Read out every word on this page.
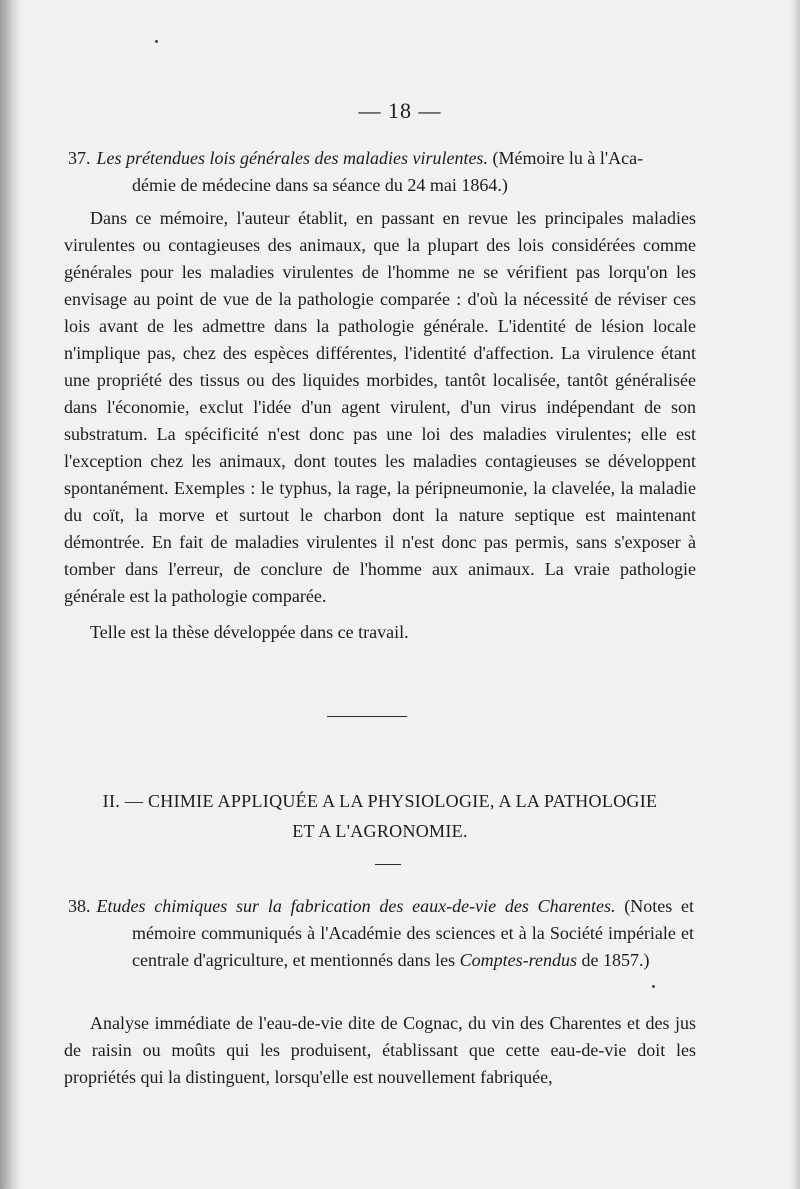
— 18 —
37. Les prétendues lois générales des maladies virulentes. (Mémoire lu à l'Aca-
démie de médecine dans sa séance du 24 mai 1864.)
Dans ce mémoire, l'auteur établit, en passant en revue les principales maladies virulentes ou contagieuses des animaux, que la plupart des lois considérées comme générales pour les maladies virulentes de l'homme ne se vérifient pas lorqu'on les envisage au point de vue de la pathologie comparée : d'où la nécessité de réviser ces lois avant de les admettre dans la pathologie générale. L'identité de lésion locale n'implique pas, chez des espèces différentes, l'identité d'affection. La virulence étant une propriété des tissus ou des liquides morbides, tantôt localisée, tantôt généralisée dans l'économie, exclut l'idée d'un agent virulent, d'un virus indépendant de son substratum. La spécificité n'est donc pas une loi des maladies virulentes; elle est l'exception chez les animaux, dont toutes les maladies contagieuses se développent spontanément. Exemples : le typhus, la rage, la péripneumonie, la clavelée, la maladie du coït, la morve et surtout le charbon dont la nature septique est maintenant démontrée. En fait de maladies virulentes il n'est donc pas permis, sans s'exposer à tomber dans l'erreur, de conclure de l'homme aux animaux. La vraie pathologie générale est la pathologie comparée.
Telle est la thèse développée dans ce travail.
II. — CHIMIE APPLIQUÉE A LA PHYSIOLOGIE, A LA PATHOLOGIE
ET A L'AGRONOMIE.
38. Etudes chimiques sur la fabrication des eaux-de-vie des Charentes. (Notes et mémoire communiqués à l'Académie des sciences et à la Société impériale et centrale d'agriculture, et mentionnés dans les Comptes-rendus de 1857.)
Analyse immédiate de l'eau-de-vie dite de Cognac, du vin des Charentes et des jus de raisin ou moûts qui les produisent, établissant que cette eau-de-vie doit les propriétés qui la distinguent, lorsqu'elle est nouvellement fabriquée,
